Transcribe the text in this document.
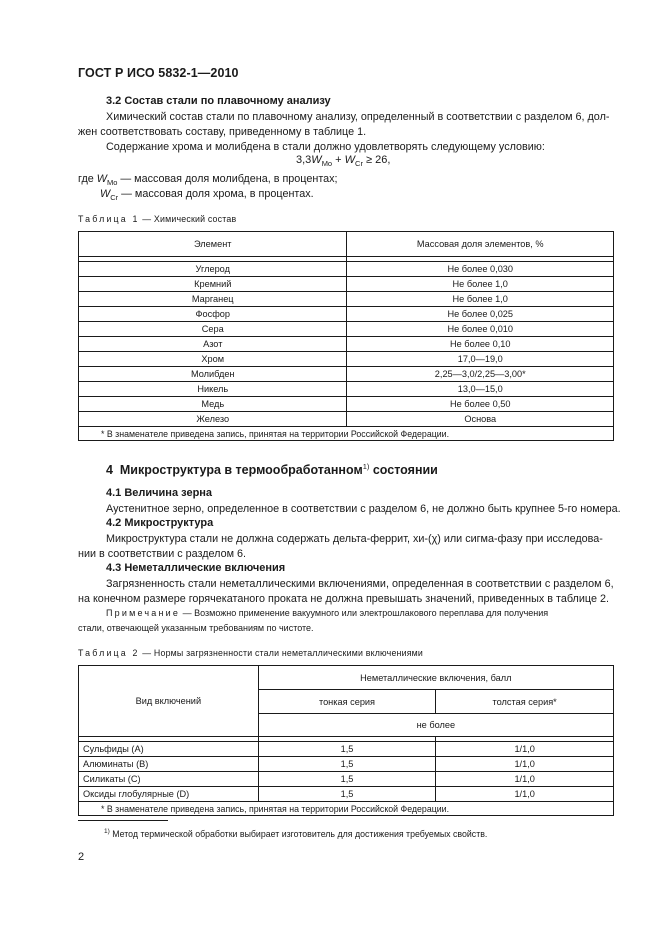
ГОСТ Р ИСО 5832-1—2010
3.2 Состав стали по плавочному анализу
Химический состав стали по плавочному анализу, определенный в соответствии с разделом 6, дол-
жен соответствовать составу, приведенному в таблице 1.
Содержание хрома и молибдена в стали должно удовлетворять следующему условию:
$3,3W_{Mo} + W_{Cr} \ge 26$,
где $W_{Mo}$ — массовая доля молибдена, в процентах;
$W_{Cr}$ — массовая доля хрома, в процентах.
Таблица 1 — Химический состав
Элемент	Массовая доля элементов, %

Углерод	Не более 0,030
Кремний	Не более 1,0
Марганец	Не более 1,0
Фосфор	Не более 0,025
Сера	Не более 0,010
Азот	Не более 0,10
Хром	17,0—19,0
Молибден	2,25—3,0/2,25—3,00*
Никель	13,0—15,0
Медь	Не более 0,50
Железо	Основа
* В знаменателе приведена запись, принятая на территории Российской Федерации.	
4  Микроструктура в термообработанном$^{1)}$ состоянии
4.1 Величина зерна
Аустенитное зерно, определенное в соответствии с разделом 6, не должно быть крупнее 5-го номера.
4.2 Микроструктура
Микроструктура стали не должна содержать дельта-феррит, хи-(χ) или сигма-фазу при исследова-
нии в соответствии с разделом 6.
4.3 Неметаллические включения
Загрязненность стали неметаллическими включениями, определенная в соответствии с разделом 6,
на конечном размере горячекатаного проката не должна превышать значений, приведенных в таблице 2.
Примечание — Возможно применение вакуумного или электрошлакового переплава для получения
стали, отвечающей указанным требованиям по чистоте.
Таблица 2 — Нормы загрязненности стали неметаллическими включениями
Вид включений	Неметаллические включения, балл	
	тонкая серия	толстая серия*
	не более	

Сульфиды (А)	1,5	1/1,0
Алюминаты (В)	1,5	1/1,0
Силикаты (С)	1,5	1/1,0
Оксиды глобулярные (D)	1,5	1/1,0
* В знаменателе приведена запись, принятая на территории Российской Федерации.		
$^{1)}$ Метод термической обработки выбирает изготовитель для достижения требуемых свойств.
2
